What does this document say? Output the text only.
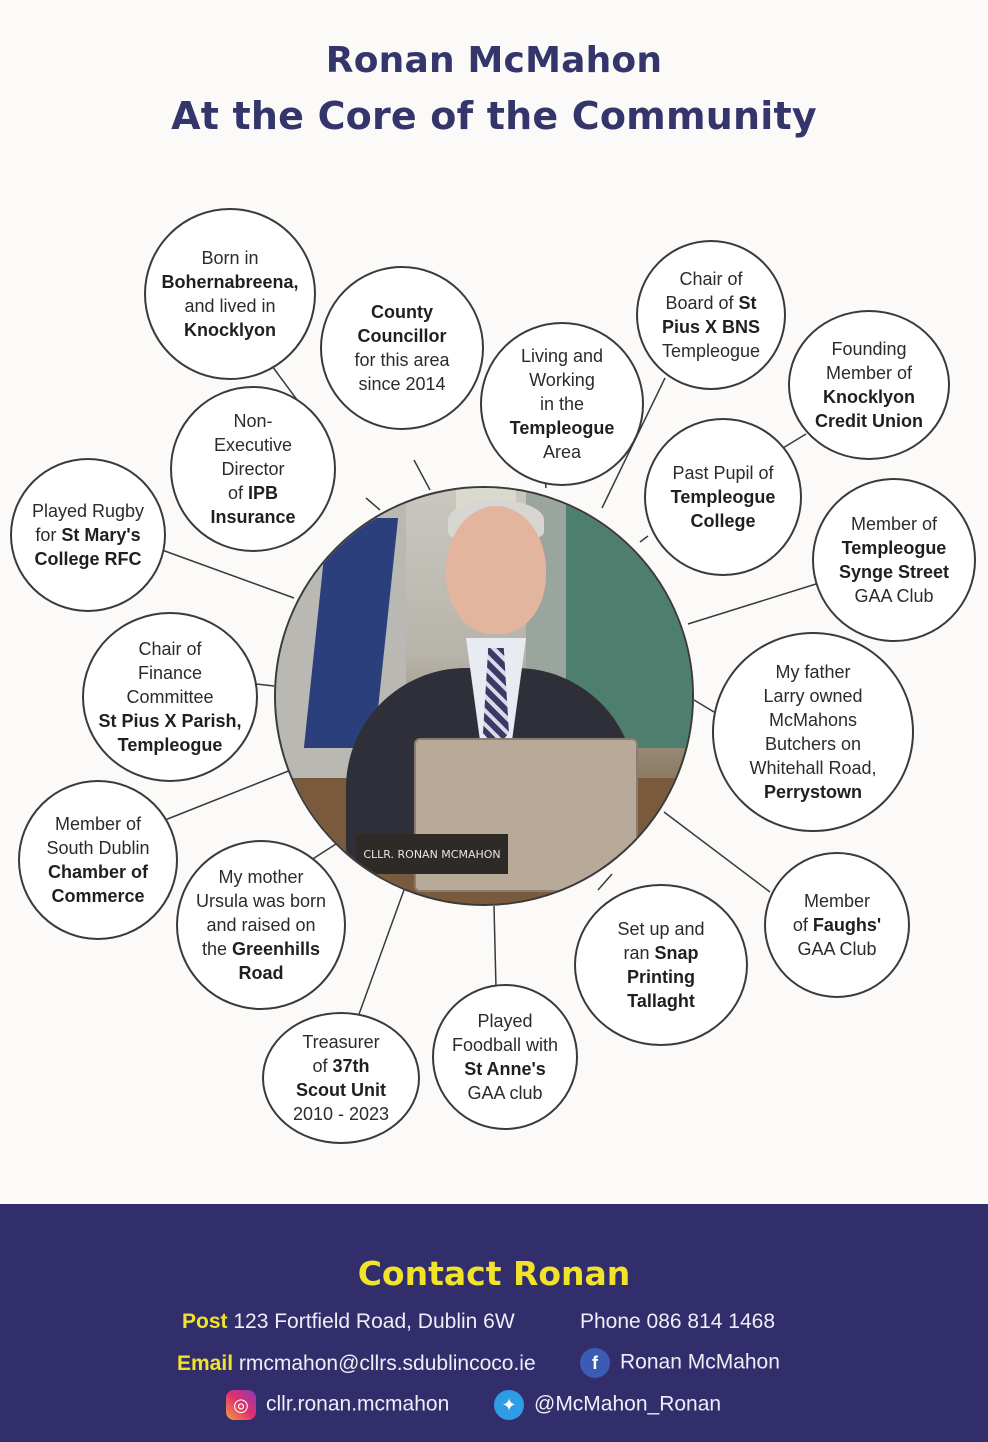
Ronan McMahon
At the Core of the Community
CLLR. RONAN MCMAHON

Born in
Bohernabreena,
and lived in
Knocklyon

County
Councillor
for this area
since 2014

Living and
Working
in the
Templeogue
Area

Chair of
Board of St
Pius X BNS
Templeogue	Founding
Member of
Knocklyon
Credit Union

Non-
Executive
Director
of IPB
Insurance

Past Pupil of
Templeogue
College

Played Rugby
for St Mary's
College RFC

Member of
Templeogue
Synge Street
GAA Club

Chair of
Finance
Committee
St Pius X Parish,
Templeogue

My father
Larry owned
McMahons
Butchers on
Whitehall Road,
Perrystown

Member of
South Dublin
Chamber of
Commerce

My mother
Ursula was born
and raised on
the Greenhills
Road

Member
of Faughs'
GAA Club

Set up and
ran Snap
Printing
Tallaght

Played
Foodball with
St Anne's
GAA club

Treasurer
of 37th
Scout Unit
2010 - 2023

Contact Ronan
Post 123 Fortfield Road, Dublin 6W	Phone 086 814 1468
Email rmcmahon@cllrs.sdublincoco.ie	f Ronan McMahon
◎ cllr.ronan.mcmahon	✦ @McMahon_Ronan
